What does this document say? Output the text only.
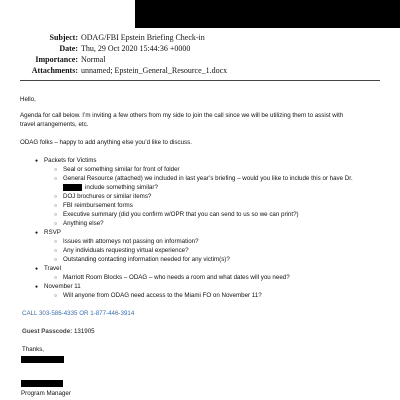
Subject: ODAG/FBI Epstein Briefing Check-in
Date: Thu, 29 Oct 2020 15:44:36 +0000
Importance: Normal
Attachments: unnamed; Epstein_General_Resource_1.docx
Hello,
Agenda for call below. I’m inviting a few others from my side to join the call since we will be utilizing them to assist with
travel arrangements, etc.
ODAG folks – happy to add anything else you’d like to discuss.
● Packets for Victims
○ Seal or something similar for front of folder
○ General Resource (attached) we included in last year’s briefing – would you like to include this or have Dr.
include something similar?
○ DOJ brochures or similar items?
○ FBI reimbursement forms
○ Executive summary (did you confirm w/OPR that you can send to us so we can print?)
○ Anything else?
● RSVP
○ Issues with attorneys not passing on information?
○ Any individuals requesting virtual experience?
○ Outstanding contacting information needed for any victim(s)?
● Travel
○ Marriott Room Blocks – ODAG – who needs a room and what dates will you need?
● November 11
○ Will anyone from ODAG need access to the Miami FO on November 11?
CALL 303-586-4335 OR 1-877-446-3914
Guest Passcode: 131905
Thanks,
Program Manager
